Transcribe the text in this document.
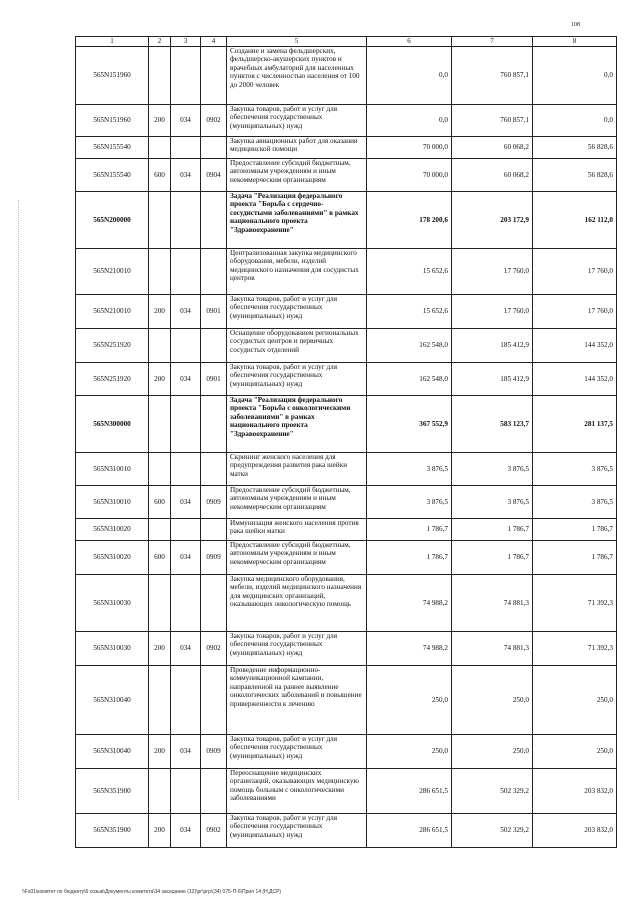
108
1	2	3	4	5	6	7	8
565N151960				Создание и замена фельдшерских, фельдшерско-акушерских пунктов и врачебных амбулаторий для населенных пунктов с численностью населения от 100 до 2000 человек	0,0	760 857,1	0,0
565N151960	200	034	0902	Закупка товаров, работ и услуг для обеспечения государственных (муниципальных) нужд	0,0	760 857,1	0,0
565N155540				Закупка авиационных работ для оказания медицинской помощи	70 000,0	60 068,2	56 828,6
565N155540	600	034	0904	Предоставление субсидий бюджетным, автономным учреждениям и иным некоммерческим организациям	70 000,0	60 068,2	56 828,6
565N200000				Задача "Реализация федерального проекта "Борьба с сердечно-сосудистыми заболеваниями" в рамках национального проекта "Здравоохранение"	178 200,6	203 172,9	162 112,0
565N210010				Централизованная закупка медицинского оборудования, мебели, изделий медицинского назначения для сосудистых центров	15 652,6	17 760,0	17 760,0
565N210010	200	034	0901	Закупка товаров, работ и услуг для обеспечения государственных (муниципальных) нужд	15 652,6	17 760,0	17 760,0
565N251920				Оснащение оборудованием региональных сосудистых центров и первичных сосудистых отделений	162 548,0	185 412,9	144 352,0
565N251920	200	034	0901	Закупка товаров, работ и услуг для обеспечения государственных (муниципальных) нужд	162 548,0	185 412,9	144 352,0
565N300000				Задача "Реализация федерального проекта "Борьба с онкологическими заболеваниями" в рамках национального проекта "Здравоохранение"	367 552,9	583 123,7	281 137,5
565N310010				Скрининг женского населения для предупреждения развития рака шейки матки	3 876,5	3 876,5	3 876,5
565N310010	600	034	0909	Предоставление субсидий бюджетным, автономным учреждениям и иным некоммерческим организациям	3 876,5	3 876,5	3 876,5
565N310020				Иммунизация женского населения против рака шейки матки	1 786,7	1 786,7	1 786,7
565N310020	600	034	0909	Предоставление субсидий бюджетным, автономным учреждениям и иным некоммерческим организациям	1 786,7	1 786,7	1 786,7
565N310030				Закупка медицинского оборудования, мебели, изделий медицинского назначения для медицинских организаций, оказывающих онкологическую помощь	74 988,2	74 881,3	71 392,3
565N310030	200	034	0902	Закупка товаров, работ и услуг для обеспечения государственных (муниципальных) нужд	74 988,2	74 881,3	71 392,3
565N310040				Проведение информационно-коммуникационной кампании, направленной на раннее выявление онкологических заболеваний и повышение приверженности к лечению	250,0	250,0	250,0
565N310040	200	034	0909	Закупка товаров, работ и услуг для обеспечения государственных (муниципальных) нужд	250,0	250,0	250,0
565N351900				Переоснащение медицинских организаций, оказывающих медицинскую помощь больным с онкологическими заболеваниями	286 651,5	502 329,2	203 832,0
565N351900	200	034	0902	Закупка товаров, работ и услуг для обеспечения государственных (муниципальных) нужд	286 651,5	502 329,2	203 832,0
\\Fs01\комитет по бюджету\6 созыв\Документы комитета\34 заседание (12)\рг\ргр\(34) 075-П-6\Прил 14 (Н,ДСР)
